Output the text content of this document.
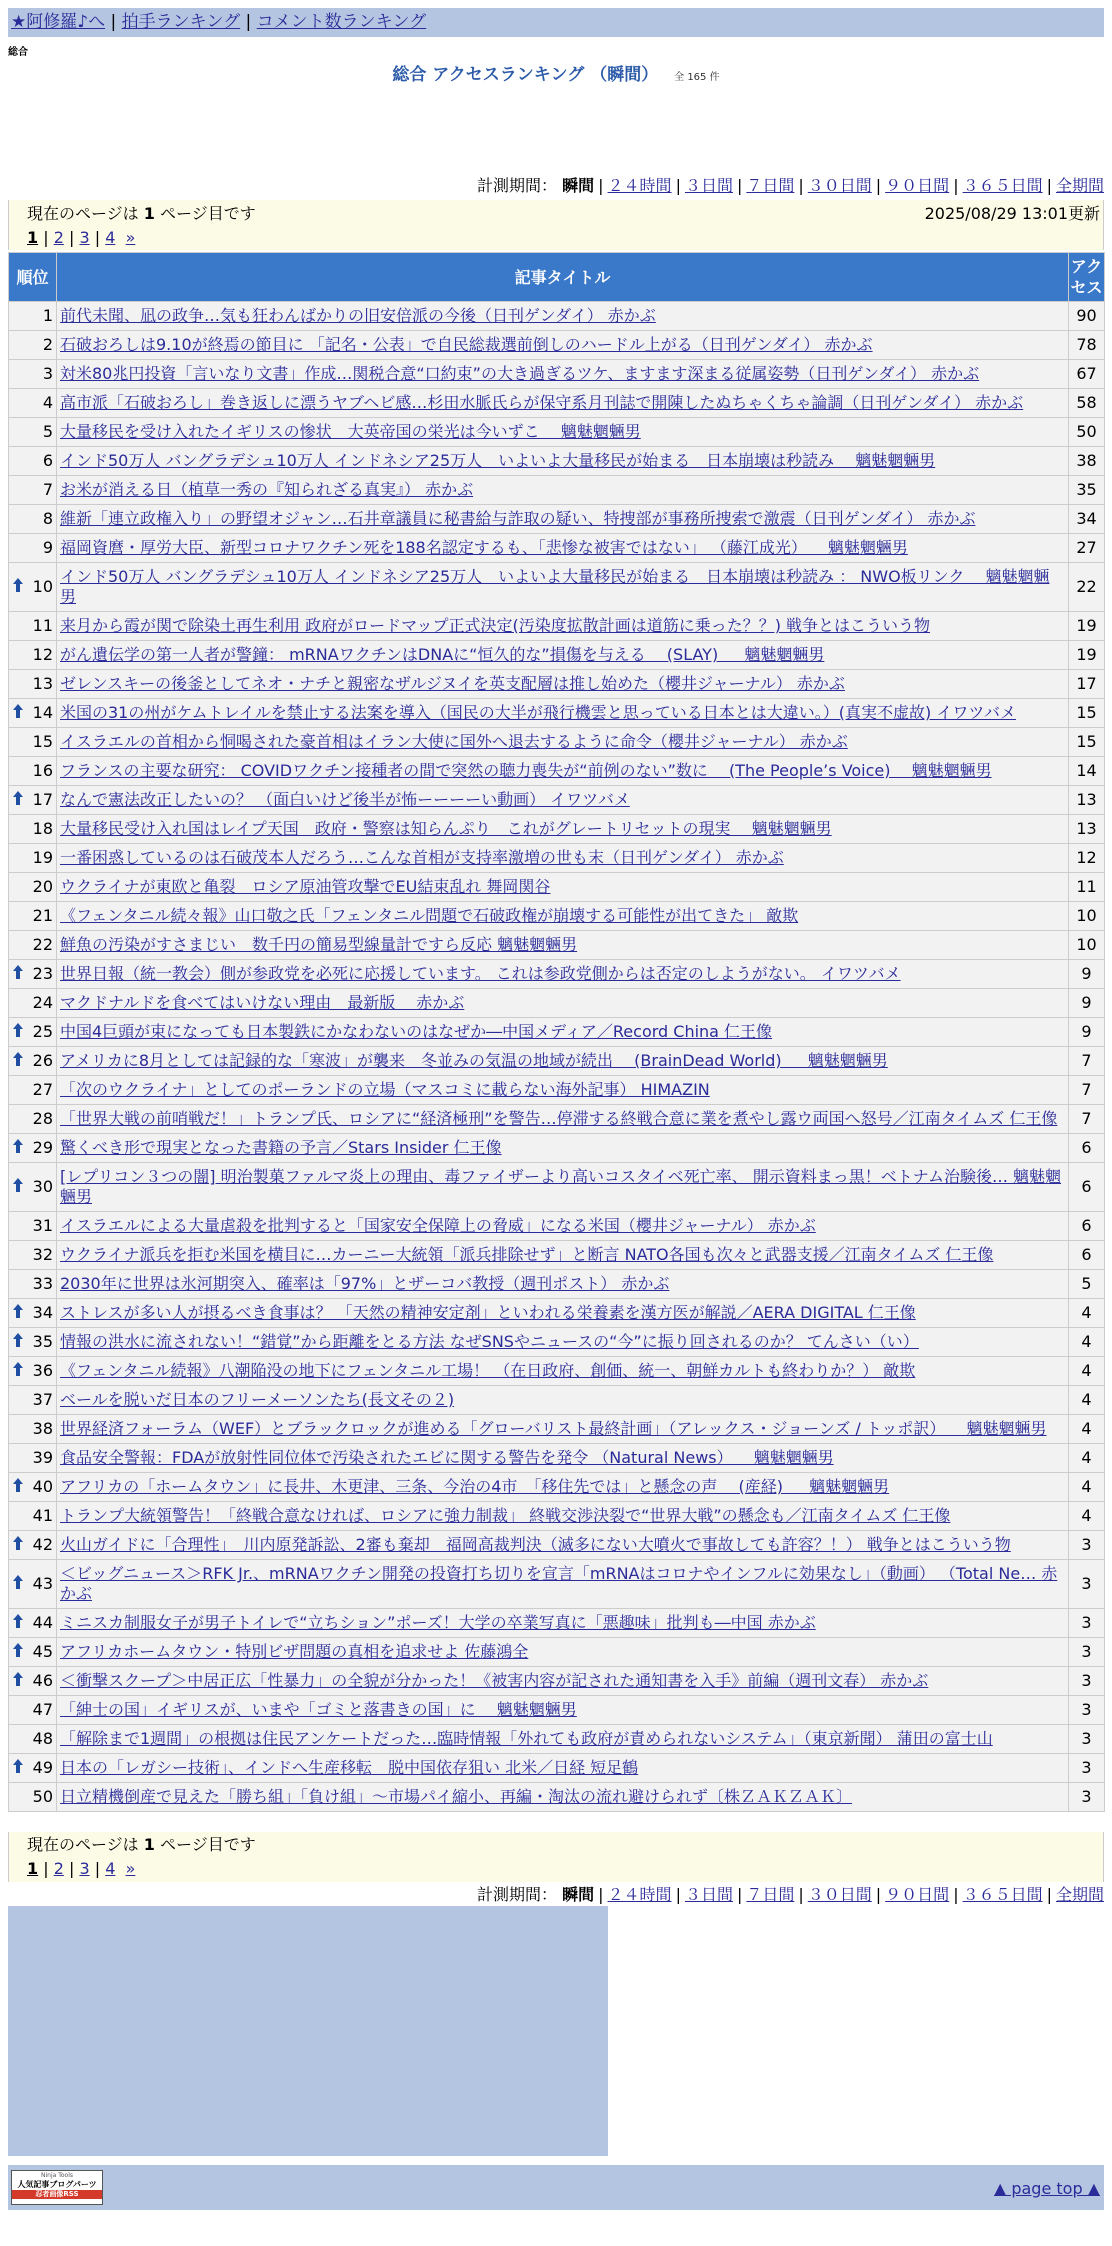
★阿修羅♪へ | 拍手ランキング | コメント数ランキング
総合
総合 アクセスランキング （瞬間） 全 165 件
計測期間： 瞬間 | ２４時間 | ３日間 | ７日間 | ３０日間 | ９０日間 | ３６５日間 | 全期間
現在のページは 1 ページ目です	2025/08/29 13:01更新
1 | 2 | 3 | 4 »
順位	記事タイトル	アクセス
1	前代未聞、凪の政争…気も狂わんばかりの旧安倍派の今後（日刊ゲンダイ） 赤かぶ	90
2	石破おろしは9.10が終焉の節目に 「記名・公表」で自民総裁選前倒しのハードル上がる（日刊ゲンダイ） 赤かぶ	78
3	対米80兆円投資「言いなり文書」作成…関税合意“口約束”の大き過ぎるツケ、ますます深まる従属姿勢（日刊ゲンダイ） 赤かぶ	67
4	高市派「石破おろし」巻き返しに漂うヤブヘビ感…杉田水脈氏らが保守系月刊誌で開陳したぬちゃくちゃ論調（日刊ゲンダイ） 赤かぶ	58
5	大量移民を受け入れたイギリスの惨状　大英帝国の栄光は今いずこ　 魑魅魍魎男	50
6	インド50万人 バングラデシュ10万人 インドネシア25万人　いよいよ大量移民が始まる　日本崩壊は秒読み　 魑魅魍魎男	38
7	お米が消える日（植草一秀の『知られざる真実』） 赤かぶ	35
8	維新「連立政権入り」の野望オジャン…石井章議員に秘書給与詐取の疑い、特捜部が事務所捜索で激震（日刊ゲンダイ） 赤かぶ	34
9	福岡資麿・厚労大臣、新型コロナワクチン死を188名認定するも、「悲惨な被害ではない」 （藤江成光） 　魑魅魍魎男	27

10	インド50万人 バングラデシュ10万人 インドネシア25万人　いよいよ大量移民が始まる　日本崩壊は秒読み ： NWO板リンク 　魑魅魍魎男	22
11	来月から霞が関で除染土再生利用 政府がロードマップ正式決定(汚染度拡散計画は道筋に乗った？？) 戦争とはこういう物	19
12	がん遺伝学の第一人者が警鐘： mRNAワクチンはDNAに“恒久的な”損傷を与える　 (SLAY) 　 魑魅魍魎男	19
13	ゼレンスキーの後釜としてネオ・ナチと親密なザルジヌイを英支配層は推し始めた（櫻井ジャーナル） 赤かぶ	17

14	米国の31の州がケムトレイルを禁止する法案を導入（国民の大半が飛行機雲と思っている日本とは大違い。）(真実不虚故) イワツバメ	15
15	イスラエルの首相から恫喝された豪首相はイラン大使に国外へ退去するように命令（櫻井ジャーナル） 赤かぶ	15
16	フランスの主要な研究： COVIDワクチン接種者の間で突然の聴力喪失が“前例のない”数に　 (The People’s Voice) 　魑魅魍魎男	14

17	なんで憲法改正したいの？ （面白いけど後半が怖ーーーーい動画） イワツバメ	13
18	大量移民受け入れ国はレイプ天国　政府・警察は知らんぷり　これがグレートリセットの現実　 魑魅魍魎男	13
19	一番困惑しているのは石破茂本人だろう…こんな首相が支持率激増の世も末（日刊ゲンダイ） 赤かぶ	12
20	ウクライナが東欧と亀裂　ロシア原油管攻撃でEU結束乱れ 舞岡関谷	11
21	《フェンタニル続々報》山口敬之氏「フェンタニル問題で石破政権が崩壊する可能性が出てきた」 敵欺	10
22	鮮魚の汚染がすさまじい　数千円の簡易型線量計ですら反応 魑魅魍魎男	10

23	世界日報（統一教会）側が参政党を必死に応援しています。 これは参政党側からは否定のしようがない。 イワツバメ	9
24	マクドナルドを食べてはいけない理由　最新版　 赤かぶ	9

25	中国4巨頭が束になっても日本製鉄にかなわないのはなぜか―中国メディア／Record China 仁王像	9

26	アメリカに8月としては記録的な「寒波」が襲来　冬並みの気温の地域が続出　 (BrainDead World) 　 魑魅魍魎男	7
27	「次のウクライナ」としてのポーランドの立場（マスコミに載らない海外記事） HIMAZIN	7
28	「世界大戦の前哨戦だ！」トランプ氏、ロシアに“経済極刑”を警告…停滞する終戦合意に業を煮やし露ウ両国へ怒号／江南タイムズ 仁王像	7

29	驚くべき形で現実となった書籍の予言／Stars Insider 仁王像	6

30	[レプリコン３つの闇] 明治製菓ファルマ炎上の理由、毒ファイザーより高いコスタイベ死亡率、 開示資料まっ黒！ベトナム治験後… 魑魅魍魎男	6
31	イスラエルによる大量虐殺を批判すると「国家安全保障上の脅威」になる米国（櫻井ジャーナル） 赤かぶ	6
32	ウクライナ派兵を拒む米国を横目に…カーニー大統領「派兵排除せず」と断言 NATO各国も次々と武器支援／江南タイムズ 仁王像	6
33	2030年に世界は氷河期突入、確率は「97%」とザーコバ教授（週刊ポスト） 赤かぶ	5

34	ストレスが多い人が摂るべき食事は？ 「天然の精神安定剤」といわれる栄養素を漢方医が解説／AERA DIGITAL 仁王像	4

35	情報の洪水に流されない！“錯覚”から距離をとる方法 なぜSNSやニュースの“今”に振り回されるのか？ てんさい（い）	4

36	《フェンタニル続報》八潮陥没の地下にフェンタニル工場！ （在日政府、創価、統一、朝鮮カルトも終わりか？） 敵欺	4
37	ベールを脱いだ日本のフリーメーソンたち(長文その２)	4
38	世界経済フォーラム（WEF）とブラックロックが進める「グローバリスト最終計画」（アレックス・ジョーンズ / トッポ訳） 　魑魅魍魎男	4
39	食品安全警報：FDAが放射性同位体で汚染されたエビに関する警告を発令 （Natural News） 　魑魅魍魎男	4

40	アフリカの「ホームタウン」に長井、木更津、三条、今治の4市　「移住先では」と懸念の声　 (産経) 　 魑魅魍魎男	4
41	トランプ大統領警告！「終戦合意なければ、ロシアに強力制裁」 終戦交渉決裂で“世界大戦”の懸念も／江南タイムズ 仁王像	4

42	火山ガイドに「合理性」　川内原発訴訟、2審も棄却　福岡高裁判決（滅多にない大噴火で事故しても許容？！） 戦争とはこういう物	3

43	＜ビッグニュース＞RFK Jr.、mRNAワクチン開発の投資打ち切りを宣言「mRNAはコロナやインフルに効果なし」（動画） （Total Ne… 赤かぶ	3

44	ミニスカ制服女子が男子トイレで“立ちション”ポーズ！大学の卒業写真に「悪趣味」批判も―中国 赤かぶ	3

45	アフリカホームタウン・特別ビザ問題の真相を追求せよ 佐藤鴻全	3

46	＜衝撃スクープ＞中居正広「性暴力」の全貌が分かった！《被害内容が記された通知書を入手》前編（週刊文春） 赤かぶ	3
47	「紳士の国」イギリスが、いまや「ゴミと落書きの国」に　 魑魅魍魎男	3
48	「解除まで1週間」の根拠は住民アンケートだった…臨時情報「外れても政府が責められないシステム」（東京新聞） 蒲田の富士山	3

49	日本の「レガシー技術」、インドへ生産移転　脱中国依存狙い 北米／日経 短足鶴	3
50	日立精機倒産で見えた「勝ち組」「負け組」～市場パイ縮小、再編・淘汰の流れ避けられず〔株ＺＡＫＺＡＫ〕	3
現在のページは 1 ページ目です
1 | 2 | 3 | 4 »
計測期間： 瞬間 | ２４時間 | ３日間 | ７日間 | ３０日間 | ９０日間 | ３６５日間 | 全期間
Ninja Tools
人気記事ブログパーツ
忍者画像RSS	▲ page top ▲
